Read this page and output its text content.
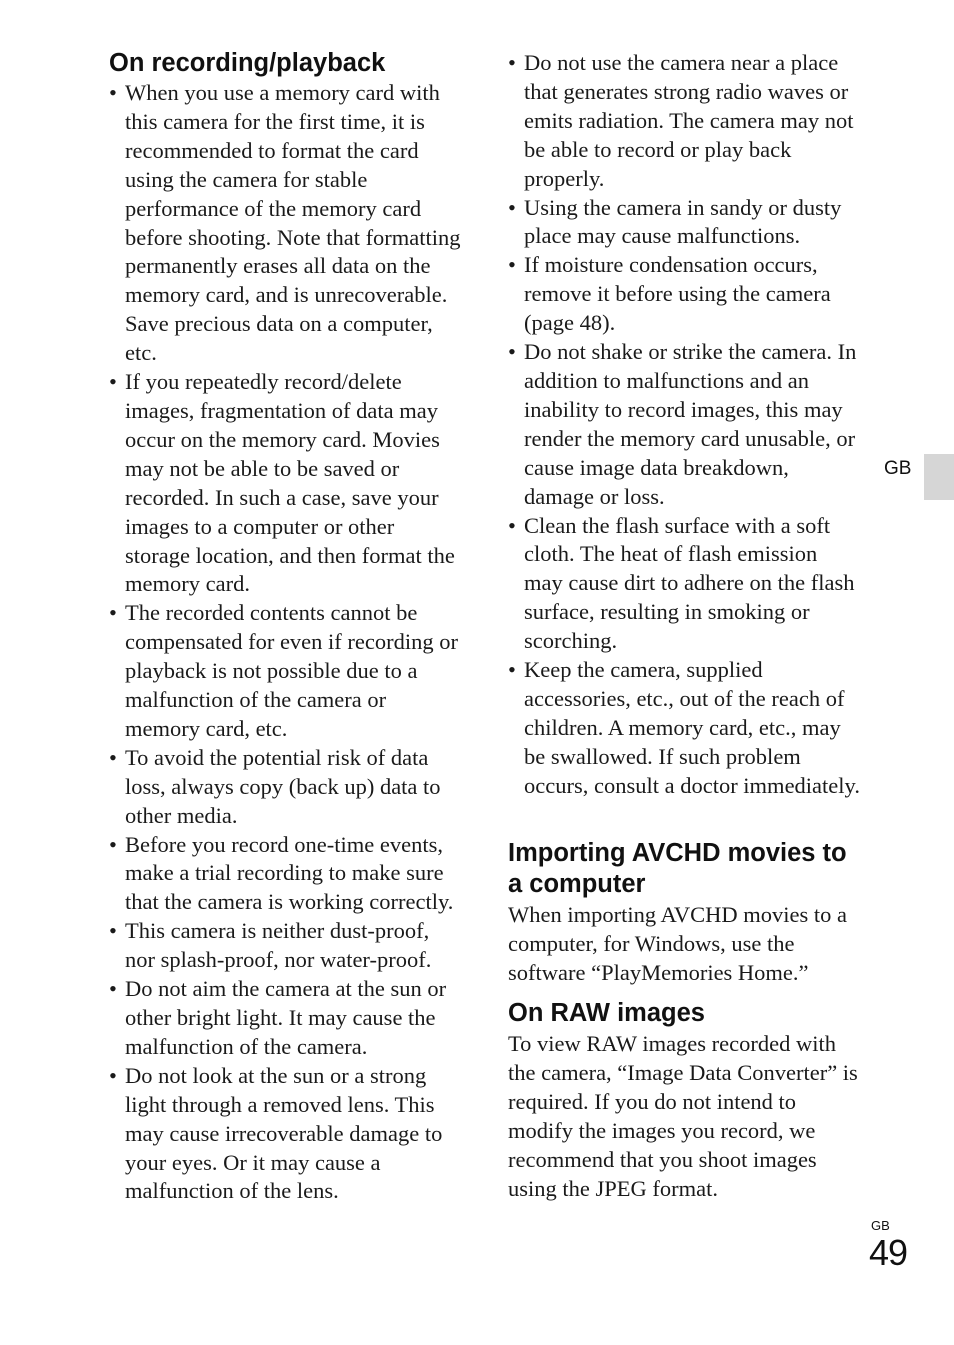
On recording/playback
• When you use a memory card with this camera for the first time, it is recommended to format the card using the camera for stable performance of the memory card before shooting. Note that formatting permanently erases all data on the memory card, and is unrecoverable. Save precious data on a computer, etc.
• If you repeatedly record/delete images, fragmentation of data may occur on the memory card. Movies may not be able to be saved or recorded. In such a case, save your images to a computer or other storage location, and then format the memory card.
• The recorded contents cannot be compensated for even if recording or playback is not possible due to a malfunction of the camera or memory card, etc.
• To avoid the potential risk of data loss, always copy (back up) data to other media.
• Before you record one-time events, make a trial recording to make sure that the camera is working correctly.
• This camera is neither dust-proof, nor splash-proof, nor water-proof.
• Do not aim the camera at the sun or other bright light. It may cause the malfunction of the camera.
• Do not look at the sun or a strong light through a removed lens. This may cause irrecoverable damage to your eyes. Or it may cause a malfunction of the lens.
• Do not use the camera near a place that generates strong radio waves or emits radiation. The camera may not be able to record or play back properly.
• Using the camera in sandy or dusty place may cause malfunctions.
• If moisture condensation occurs, remove it before using the camera (page 48).
• Do not shake or strike the camera. In addition to malfunctions and an inability to record images, this may render the memory card unusable, or cause image data breakdown, damage or loss.
• Clean the flash surface with a soft cloth. The heat of flash emission may cause dirt to adhere on the flash surface, resulting in smoking or scorching.
• Keep the camera, supplied accessories, etc., out of the reach of children. A memory card, etc., may be swallowed. If such problem occurs, consult a doctor immediately.
Importing AVCHD movies to a computer

When importing AVCHD movies to a computer, for Windows, use the software “PlayMemories Home.”

On RAW images

To view RAW images recorded with the camera, “Image Data Converter” is required. If you do not intend to modify the images you record, we recommend that you shoot images using the JPEG format.

GB
GB
49
